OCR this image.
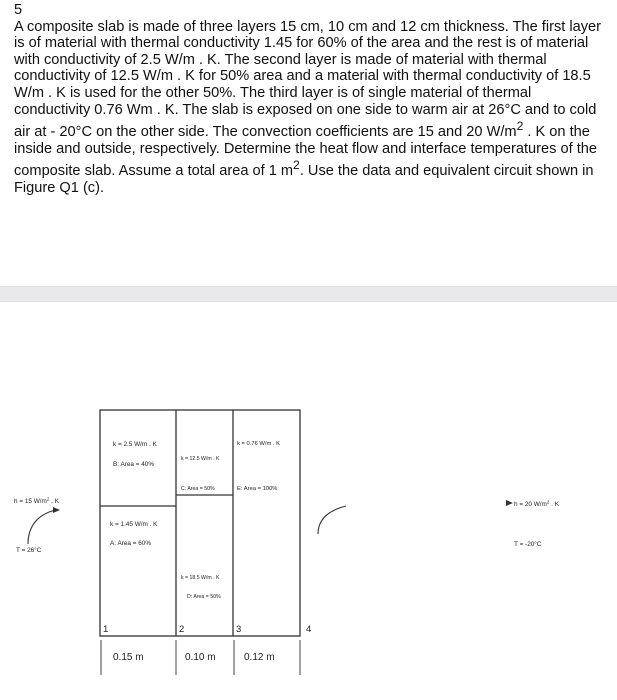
5
A composite slab is made of three layers 15 cm, 10 cm and 12 cm thickness. The first layer is of material with thermal conductivity 1.45 for 60% of the area and the rest is of material with conductivity of 2.5 W/m . K. The second layer is made of material with thermal conductivity of 12.5 W/m . K for 50% area and a material with thermal conductivity of 18.5 W/m . K is used for the other 50%. The third layer is of single material of thermal conductivity 0.76 Wm . K. The slab is exposed on one side to warm air at 26°C and to cold air at - 20°C on the other side. The convection coefficients are 15 and 20 $W/m^2$ . K on the inside and outside, respectively. Determine the heat flow and interface temperatures of the composite slab. Assume a total area of 1 $m^2$. Use the data and equivalent circuit shown in Figure Q1 (c).
k = 2.5 W/m . K
B: Area = 40%
k = 1.45 W/m . K
A: Area = 60%
k = 12.5 W/m . K
C: Area = 50%
k = 18.5 W/m . K
D: Area = 50%
k = 0.76 W/m . K
E: Area = 100%
1	2	3	4
h = 15 $W/m^2$ . K
T = 26°C
h = 20 $W/m^2$ . K
T = -20°C
0.15 m	0.10 m	0.12 m
